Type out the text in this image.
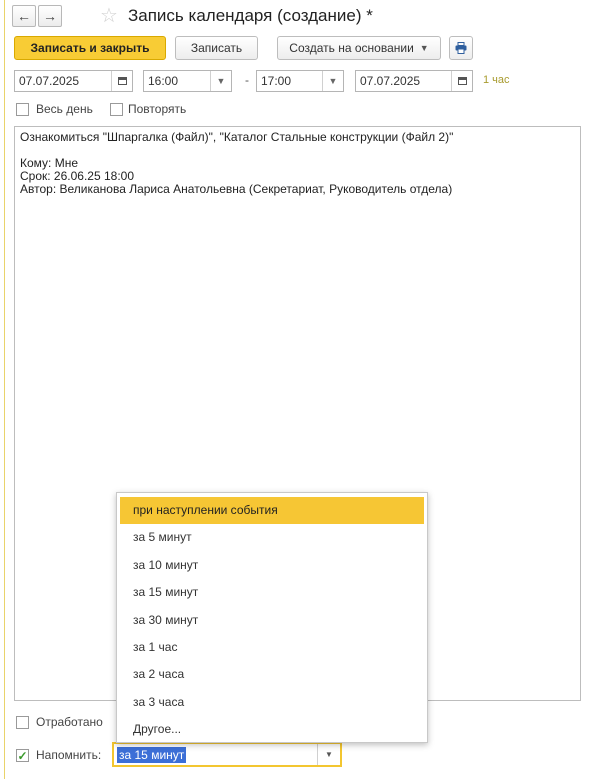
← → ☆ Запись календаря (создание) *
Записать и закрыть	Записать	Создать на основании ▼
07.07.2025	16:00	▼	- 17:00	▼	07.07.2025	1 час
Весь день	Повторять
Ознакомиться "Шпаргалка (Файл)", "Каталог Стальные конструкции (Файл 2)"

Кому: Мне
Срок: 26.06.25 18:00
Автор: Великанова Лариса Анатольевна (Секретариат, Руководитель отдела)
Отработано
✓ Напомнить: за 15 минут	▼
при наступлении события
за 5 минут
за 10 минут
за 15 минут
за 30 минут
за 1 час
за 2 часа
за 3 часа
Другое...
